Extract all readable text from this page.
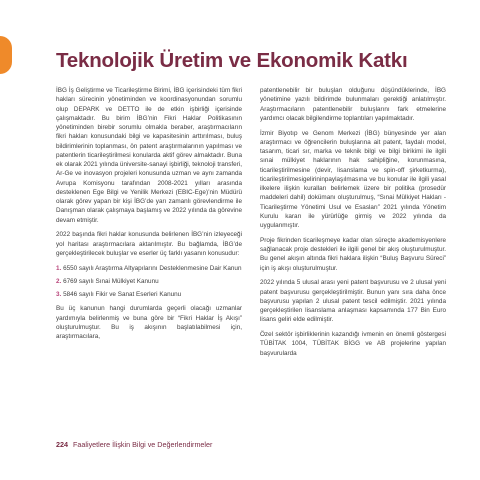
Teknolojik Üretim ve Ekonomik Katkı

İBG İş Geliştirme ve Ticarileştirme Birimi, İBG içerisindeki tüm fikri hakları sürecinin yönetiminden ve koordinasyonundan sorumlu olup DEPARK ve DETTO ile de etkin işbirliği içerisinde çalışmaktadır. Bu birim İBG’nin Fikri Haklar Politikasının yönetiminden birebir sorumlu olmakla beraber, araştırmacıların fikri hakları konusundaki bilgi ve kapasitesinin arttırılması, buluş bildirimlerinin toplanması, ön patent araştırmalarının yapılması ve patentlerin ticarileştirilmesi konularda aktif görev almaktadır. Buna ek olarak 2021 yılında üniversite-sanayi işbirliği, teknoloji transferi, Ar-Ge ve inovasyon projeleri konusunda uzman ve aynı zamanda Avrupa Komisyonu tarafından 2008-2021 yılları arasında desteklenen Ege Bilgi ve Yenilik Merkezi (EBIC-Ege)’nin Müdürü olarak görev yapan bir kişi İBG’de yarı zamanlı görevlendirme ile Danışman olarak çalışmaya başlamış ve 2022 yılında da görevine devam etmiştir.

2022 başında fikri haklar konusunda belirlenen İBG’nin izleyeceği yol haritası araştırmacılara aktarılmıştır. Bu bağlamda, İBG’de gerçekleştirilecek buluşlar ve eserler üç farklı yasanın konusudur:

1. 6550 sayılı Araştırma Altyapılarını Desteklenmesine Dair Kanun
2. 6769 sayılı Sınai Mülkiyet Kanunu
3. 5846 sayılı Fikir ve Sanat Eserleri Kanunu

Bu üç kanunun hangi durumlarda geçerli olacağı uzmanlar yardımıyla belirlenmiş ve buna göre bir “Fikri Haklar İş Akışı” oluşturulmuştur. Bu iş akışının başlatılabilmesi için, araştırmacılara,

patentlenebilir bir buluşları olduğunu düşündüklerinde, İBG yönetimine yazılı bildirimde bulunmaları gerektiği anlatılmıştır. Araştırmacıların patentlenebilir buluşlarını fark etmelerine yardımcı olacak bilgilendirme toplantıları yapılmaktadır.

İzmir Biyotıp ve Genom Merkezi (İBG) bünyesinde yer alan araştırmacı ve öğrencilerin buluşlarına ait patent, faydalı model, tasarım, ticari sır, marka ve teknik bilgi ve bilgi birikimi ile ilgili sınai mülkiyet haklarının hak sahipliğine, korunmasına, ticarileştirilmesine (devir, lisanslama ve spin-off şirketkurma), ticarileştirilmesigelirininpaylaşılmasına ve bu konular ile ilgili yasal ilkelere ilişkin kuralları belirlemek üzere bir politika (prosedür maddeleri dahil) dokümanı oluşturulmuş, “Sınai Mülkiyet Hakları - Ticarileştirme Yönetimi Usul ve Esasları” 2021 yılında Yönetim Kurulu kararı ile yürürlüğe girmiş ve 2022 yılında da uygulanmıştır.

Proje fikrinden ticarileşmeye kadar olan süreçte akademisyenlere sağlanacak proje destekleri ile ilgili genel bir akış oluşturulmuştur. Bu genel akışın altında fikri haklara ilişkin “Buluş Başvuru Süreci” için iş akışı oluşturulmuştur.

2022 yılında 5 ulusal arası yeni patent başvurusu ve 2 ulusal yeni patent başvurusu gerçekleştirilmiştir. Bunun yanı sıra daha önce başvurusu yapılan 2 ulusal patent tescil edilmiştir. 2021 yılında gerçekleştirilen lisanslama anlaşması kapsamında 177 Bin Euro lisans geliri elde edilmiştir.

Özel sektör işbirliklerinin kazandığı ivmenin en önemli göstergesi TÜBİTAK 1004, TÜBİTAK BİGG ve AB projelerine yapılan başvurularda

224 Faaliyetlere İlişkin Bilgi ve Değerlendirmeler
